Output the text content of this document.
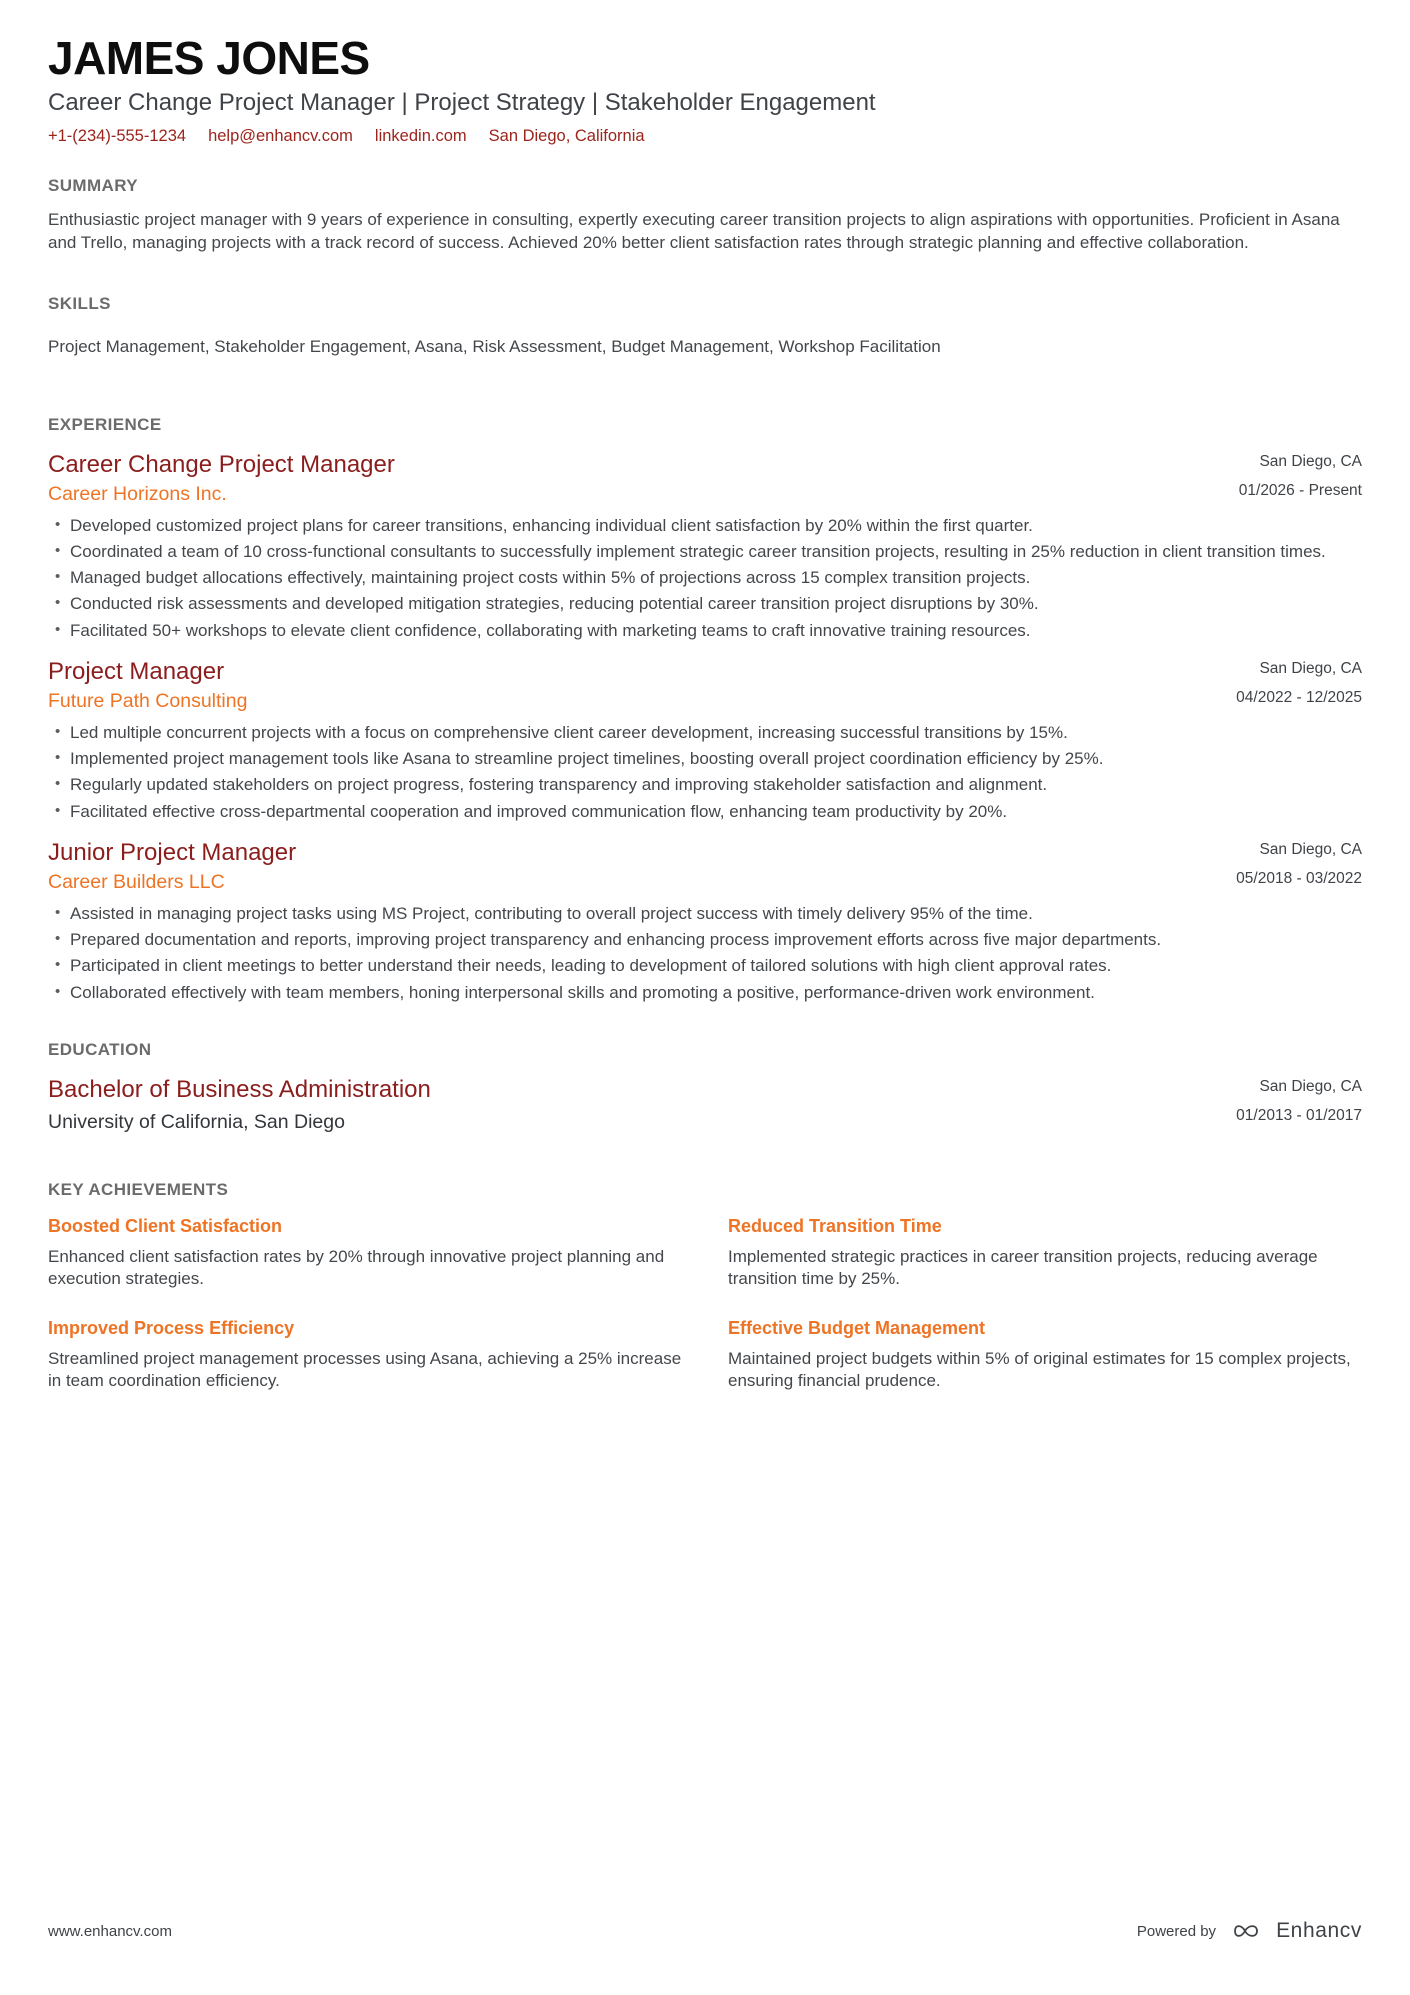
JAMES JONES
Career Change Project Manager | Project Strategy | Stakeholder Engagement
+1-(234)-555-1234 help@enhancv.com linkedin.com San Diego, California
SUMMARY
Enthusiastic project manager with 9 years of experience in consulting, expertly executing career transition projects to align aspirations with opportunities. Proficient in Asana and Trello, managing projects with a track record of success. Achieved 20% better client satisfaction rates through strategic planning and effective collaboration.
SKILLS
Project Management, Stakeholder Engagement, Asana, Risk Assessment, Budget Management, Workshop Facilitation
EXPERIENCE
Career Change Project Manager
Career Horizons Inc.
San Diego, CA
01/2026 - Present
• Developed customized project plans for career transitions, enhancing individual client satisfaction by 20% within the first quarter.
• Coordinated a team of 10 cross-functional consultants to successfully implement strategic career transition projects, resulting in 25% reduction in client transition times.
• Managed budget allocations effectively, maintaining project costs within 5% of projections across 15 complex transition projects.
• Conducted risk assessments and developed mitigation strategies, reducing potential career transition project disruptions by 30%.
• Facilitated 50+ workshops to elevate client confidence, collaborating with marketing teams to craft innovative training resources.
Project Manager
Future Path Consulting
San Diego, CA
04/2022 - 12/2025
• Led multiple concurrent projects with a focus on comprehensive client career development, increasing successful transitions by 15%.
• Implemented project management tools like Asana to streamline project timelines, boosting overall project coordination efficiency by 25%.
• Regularly updated stakeholders on project progress, fostering transparency and improving stakeholder satisfaction and alignment.
• Facilitated effective cross-departmental cooperation and improved communication flow, enhancing team productivity by 20%.
Junior Project Manager
Career Builders LLC
San Diego, CA
05/2018 - 03/2022
• Assisted in managing project tasks using MS Project, contributing to overall project success with timely delivery 95% of the time.
• Prepared documentation and reports, improving project transparency and enhancing process improvement efforts across five major departments.
• Participated in client meetings to better understand their needs, leading to development of tailored solutions with high client approval rates.
• Collaborated effectively with team members, honing interpersonal skills and promoting a positive, performance-driven work environment.
EDUCATION
Bachelor of Business Administration
University of California, San Diego
San Diego, CA
01/2013 - 01/2017
KEY ACHIEVEMENTS
Boosted Client Satisfaction
Enhanced client satisfaction rates by 20% through innovative project planning and execution strategies.
Reduced Transition Time
Implemented strategic practices in career transition projects, reducing average transition time by 25%.
Improved Process Efficiency
Streamlined project management processes using Asana, achieving a 25% increase in team coordination efficiency.
Effective Budget Management
Maintained project budgets within 5% of original estimates for 15 complex projects, ensuring financial prudence.
www.enhancv.com	Powered by	Enhancv
